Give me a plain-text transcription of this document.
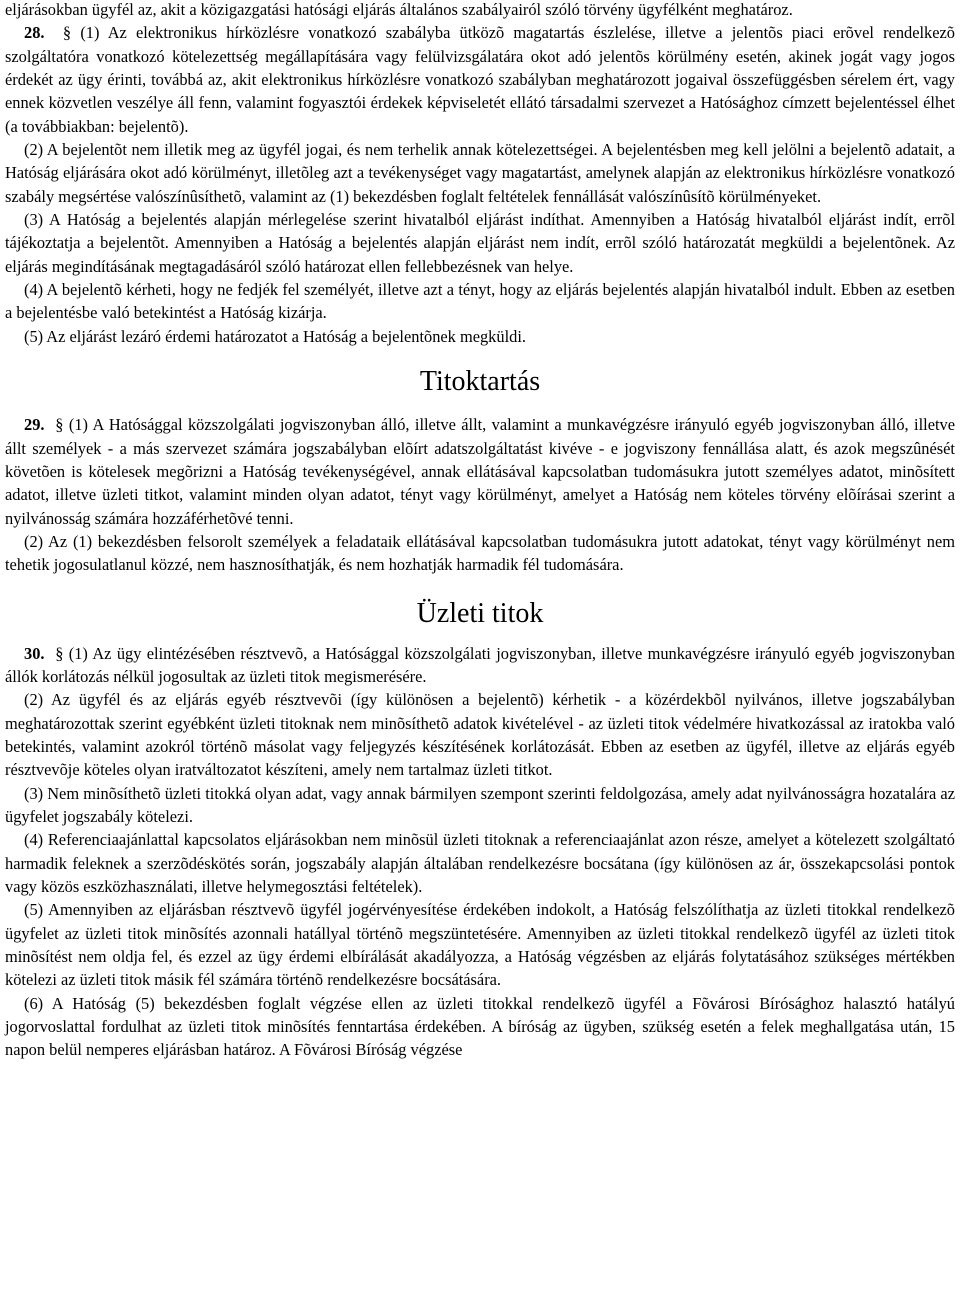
eljárásokban ügyfél az, akit a közigazgatási hatósági eljárás általános szabályairól szóló törvény ügyfélként meghatároz.

28. § (1) Az elektronikus hírközlésre vonatkozó szabályba ütközõ magatartás észlelése, illetve a jelentõs piaci erõvel rendelkezõ szolgáltatóra vonatkozó kötelezettség megállapítására vagy felülvizsgálatára okot adó jelentõs körülmény esetén, akinek jogát vagy jogos érdekét az ügy érinti, továbbá az, akit elektronikus hírközlésre vonatkozó szabályban meghatározott jogaival összefüggésben sérelem ért, vagy ennek közvetlen veszélye áll fenn, valamint fogyasztói érdekek képviseletét ellátó társadalmi szervezet a Hatósághoz címzett bejelentéssel élhet (a továbbiakban: bejelentõ).

(2) A bejelentõt nem illetik meg az ügyfél jogai, és nem terhelik annak kötelezettségei. A bejelentésben meg kell jelölni a bejelentõ adatait, a Hatóság eljárására okot adó körülményt, illetõleg azt a tevékenységet vagy magatartást, amelynek alapján az elektronikus hírközlésre vonatkozó szabály megsértése valószínûsíthetõ, valamint az (1) bekezdésben foglalt feltételek fennállását valószínûsítõ körülményeket.

(3) A Hatóság a bejelentés alapján mérlegelése szerint hivatalból eljárást indíthat. Amennyiben a Hatóság hivatalból eljárást indít, errõl tájékoztatja a bejelentõt. Amennyiben a Hatóság a bejelentés alapján eljárást nem indít, errõl szóló határozatát megküldi a bejelentõnek. Az eljárás megindításának megtagadásáról szóló határozat ellen fellebbezésnek van helye.

(4) A bejelentõ kérheti, hogy ne fedjék fel személyét, illetve azt a tényt, hogy az eljárás bejelentés alapján hivatalból indult. Ebben az esetben a bejelentésbe való betekintést a Hatóság kizárja.

(5) Az eljárást lezáró érdemi határozatot a Hatóság a bejelentõnek megküldi.

Titoktartás

29. § (1) A Hatósággal közszolgálati jogviszonyban álló, illetve állt, valamint a munkavégzésre irányuló egyéb jogviszonyban álló, illetve állt személyek - a más szervezet számára jogszabályban elõírt adatszolgáltatást kivéve - e jogviszony fennállása alatt, és azok megszûnését követõen is kötelesek megõrizni a Hatóság tevékenységével, annak ellátásával kapcsolatban tudomásukra jutott személyes adatot, minõsített adatot, illetve üzleti titkot, valamint minden olyan adatot, tényt vagy körülményt, amelyet a Hatóság nem köteles törvény elõírásai szerint a nyilvánosság számára hozzáférhetõvé tenni.

(2) Az (1) bekezdésben felsorolt személyek a feladataik ellátásával kapcsolatban tudomásukra jutott adatokat, tényt vagy körülményt nem tehetik jogosulatlanul közzé, nem hasznosíthatják, és nem hozhatják harmadik fél tudomására.

Üzleti titok

30. § (1) Az ügy elintézésében résztvevõ, a Hatósággal közszolgálati jogviszonyban, illetve munkavégzésre irányuló egyéb jogviszonyban állók korlátozás nélkül jogosultak az üzleti titok megismerésére.

(2) Az ügyfél és az eljárás egyéb résztvevõi (így különösen a bejelentõ) kérhetik - a közérdekbõl nyilvános, illetve jogszabályban meghatározottak szerint egyébként üzleti titoknak nem minõsíthetõ adatok kivételével - az üzleti titok védelmére hivatkozással az iratokba való betekintés, valamint azokról történõ másolat vagy feljegyzés készítésének korlátozását. Ebben az esetben az ügyfél, illetve az eljárás egyéb résztvevõje köteles olyan iratváltozatot készíteni, amely nem tartalmaz üzleti titkot.

(3) Nem minõsíthetõ üzleti titokká olyan adat, vagy annak bármilyen szempont szerinti feldolgozása, amely adat nyilvánosságra hozatalára az ügyfelet jogszabály kötelezi.

(4) Referenciaajánlattal kapcsolatos eljárásokban nem minõsül üzleti titoknak a referenciaajánlat azon része, amelyet a kötelezett szolgáltató harmadik feleknek a szerzõdéskötés során, jogszabály alapján általában rendelkezésre bocsátana (így különösen az ár, összekapcsolási pontok vagy közös eszközhasználati, illetve helymegosztási feltételek).

(5) Amennyiben az eljárásban résztvevõ ügyfél jogérvényesítése érdekében indokolt, a Hatóság felszólíthatja az üzleti titokkal rendelkezõ ügyfelet az üzleti titok minõsítés azonnali hatállyal történõ megszüntetésére. Amennyiben az üzleti titokkal rendelkezõ ügyfél az üzleti titok minõsítést nem oldja fel, és ezzel az ügy érdemi elbírálását akadályozza, a Hatóság végzésben az eljárás folytatásához szükséges mértékben kötelezi az üzleti titok másik fél számára történõ rendelkezésre bocsátására.

(6) A Hatóság (5) bekezdésben foglalt végzése ellen az üzleti titokkal rendelkezõ ügyfél a Fõvárosi Bírósághoz halasztó hatályú jogorvoslattal fordulhat az üzleti titok minõsítés fenntartása érdekében. A bíróság az ügyben, szükség esetén a felek meghallgatása után, 15 napon belül nemperes eljárásban határoz. A Fõvárosi Bíróság végzése
